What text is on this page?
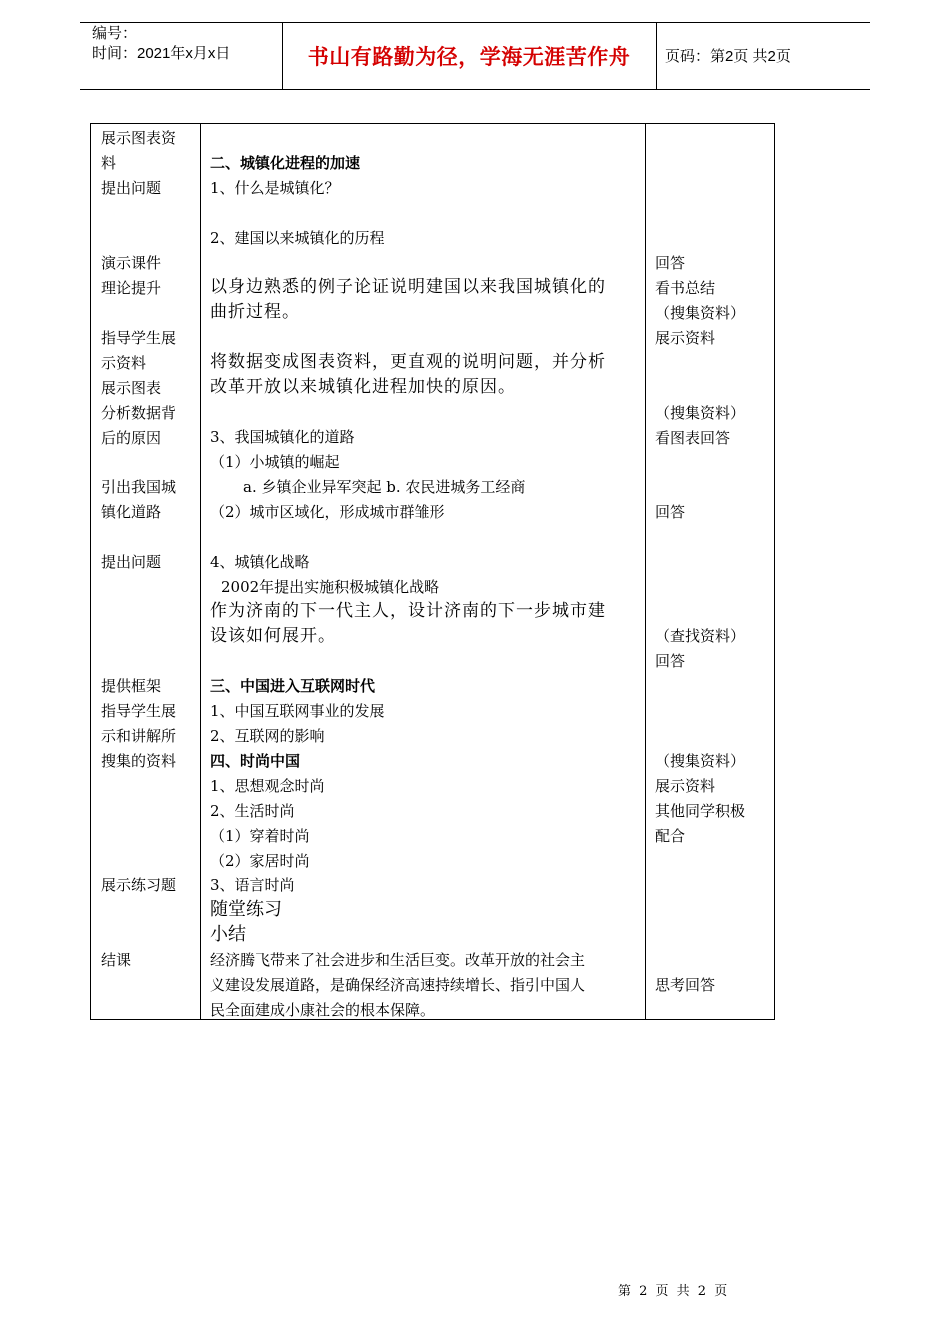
编号：
时间：2021年x月x日	书山有路勤为径，学海无涯苦作舟	页码：第2页 共2页
展示图表资
料
提出问题
演示课件
理论提升
指导学生展
示资料
展示图表
分析数据背
后的原因
引出我国城
镇化道路
提出问题
提供框架
指导学生展
示和讲解所
搜集的资料
展示练习题
结课
二、城镇化进程的加速
1、什么是城镇化？
2、建国以来城镇化的历程
以身边熟悉的例子论证说明建国以来我国城镇化的
曲折过程。
将数据变成图表资料，更直观的说明问题，并分析
改革开放以来城镇化进程加快的原因。
3、我国城镇化的道路
（1）小城镇的崛起
a. 乡镇企业异军突起 b. 农民进城务工经商
（2）城市区域化，形成城市群雏形
4、城镇化战略
2002年提出实施积极城镇化战略
作为济南的下一代主人，设计济南的下一步城市建
设该如何展开。
三、中国进入互联网时代
1、中国互联网事业的发展
2、互联网的影响
四、时尚中国
1、思想观念时尚
2、生活时尚
（1）穿着时尚
（2）家居时尚
3、语言时尚
随堂练习
小结
经济腾飞带来了社会进步和生活巨变。改革开放的社会主
义建设发展道路，是确保经济高速持续增长、指引中国人
民全面建成小康社会的根本保障。
回答
看书总结
（搜集资料）
展示资料
（搜集资料）
看图表回答
回答
（查找资料）
回答
（搜集资料）
展示资料
其他同学积极
配合
思考回答
第 2 页 共 2 页
